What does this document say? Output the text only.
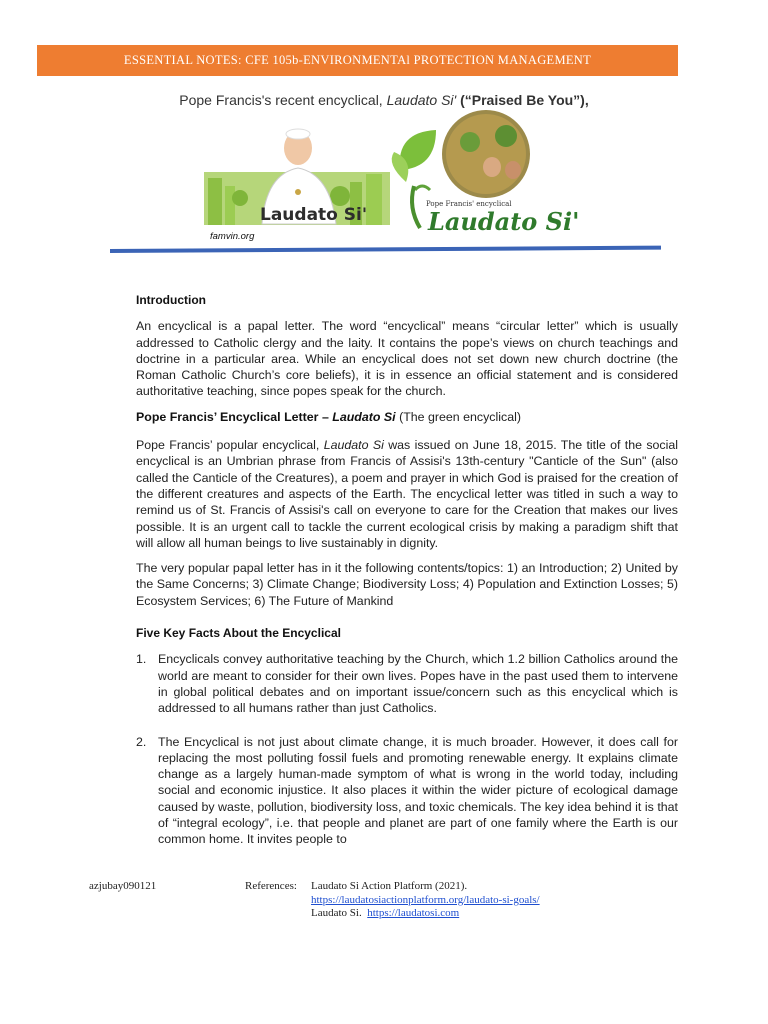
ESSENTIAL NOTES: CFE 105b-ENVIRONMENTAl PROTECTION MANAGEMENT
Pope Francis's recent encyclical, Laudato Si' (“Praised Be You”),
Laudato Si'
Pope Francis' encyclical
Laudato Si'
famvin.org
Introduction

An encyclical is a papal letter. The word “encyclical” means “circular letter” which is usually addressed to Catholic clergy and the laity. It contains the pope’s views on church teachings and doctrine in a particular area. While an encyclical does not set down new church doctrine (the Roman Catholic Church’s core beliefs), it is in essence an official statement and is considered authoritative teaching, since popes speak for the church.

Pope Francis’ Encyclical Letter – Laudato Si (The green encyclical)

Pope Francis’ popular encyclical, Laudato Si was issued on June 18, 2015. The title of the social encyclical is an Umbrian phrase from Francis of Assisi's 13th-century "Canticle of the Sun" (also called the Canticle of the Creatures), a poem and prayer in which God is praised for the creation of the different creatures and aspects of the Earth. The encyclical letter was titled in such a way to remind us of St. Francis of Assisi's call on everyone to care for the Creation that makes our lives possible. It is an urgent call to tackle the current ecological crisis by making a paradigm shift that will allow all human beings to live sustainably in dignity.

The very popular papal letter has in it the following contents/topics: 1) an Introduction; 2) United by the Same Concerns; 3) Climate Change; Biodiversity Loss; 4) Population and Extinction Losses; 5) Ecosystem Services; 6) The Future of Mankind

Five Key Facts About the Encyclical
1. Encyclicals convey authoritative teaching by the Church, which 1.2 billion Catholics around the world are meant to consider for their own lives. Popes have in the past used them to intervene in global political debates and on important issue/concern such as this encyclical which is addressed to all humans rather than just Catholics.
2. The Encyclical is not just about climate change, it is much broader. However, it does call for replacing the most polluting fossil fuels and promoting renewable energy. It explains climate change as a largely human-made symptom of what is wrong in the world today, including social and economic injustice. It also places it within the wider picture of ecological damage caused by waste, pollution, biodiversity loss, and toxic chemicals. The key idea behind it is that of “integral ecology”, i.e. that people and planet are part of one family where the Earth is our common home. It invites people to
azjubay090121	References: Laudato Si Action Platform (2021).
https://laudatosiactionplatform.org/laudato-si-goals/
Laudato Si.  https://laudatosi.com
